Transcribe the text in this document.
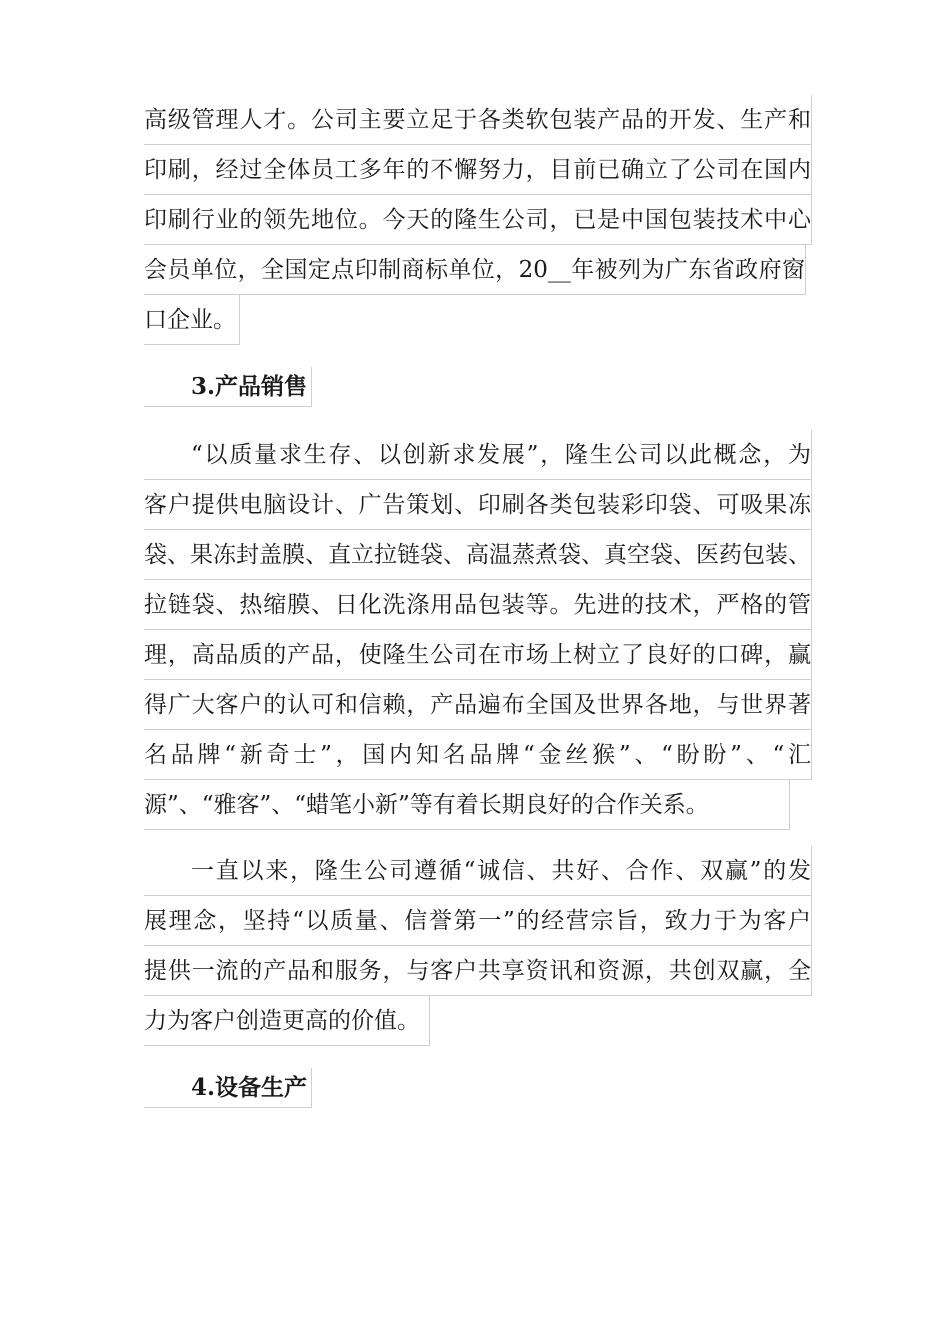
高级管理人才。公司主要立足于各类软包装产品的开发、生产和
印刷，经过全体员工多年的不懈努力，目前已确立了公司在国内
印刷行业的领先地位。今天的隆生公司，已是中国包装技术中心
会员单位，全国定点印制商标单位，20__年被列为广东省政府窗
口企业。
3.产品销售
“以质量求生存、以创新求发展”，隆生公司以此概念，为
客户提供电脑设计、广告策划、印刷各类包装彩印袋、可吸果冻
袋、果冻封盖膜、直立拉链袋、高温蒸煮袋、真空袋、医药包装、
拉链袋、热缩膜、日化洗涤用品包装等。先进的技术，严格的管
理，高品质的产品，使隆生公司在市场上树立了良好的口碑，赢
得广大客户的认可和信赖，产品遍布全国及世界各地，与世界著
名品牌“新奇士”，国内知名品牌“金丝猴”、“盼盼”、“汇
源”、“雅客”、“蜡笔小新”等有着长期良好的合作关系。
一直以来，隆生公司遵循“诚信、共好、合作、双赢”的发
展理念，坚持“以质量、信誉第一”的经营宗旨，致力于为客户
提供一流的产品和服务，与客户共享资讯和资源，共创双赢，全
力为客户创造更高的价值。
4.设备生产
